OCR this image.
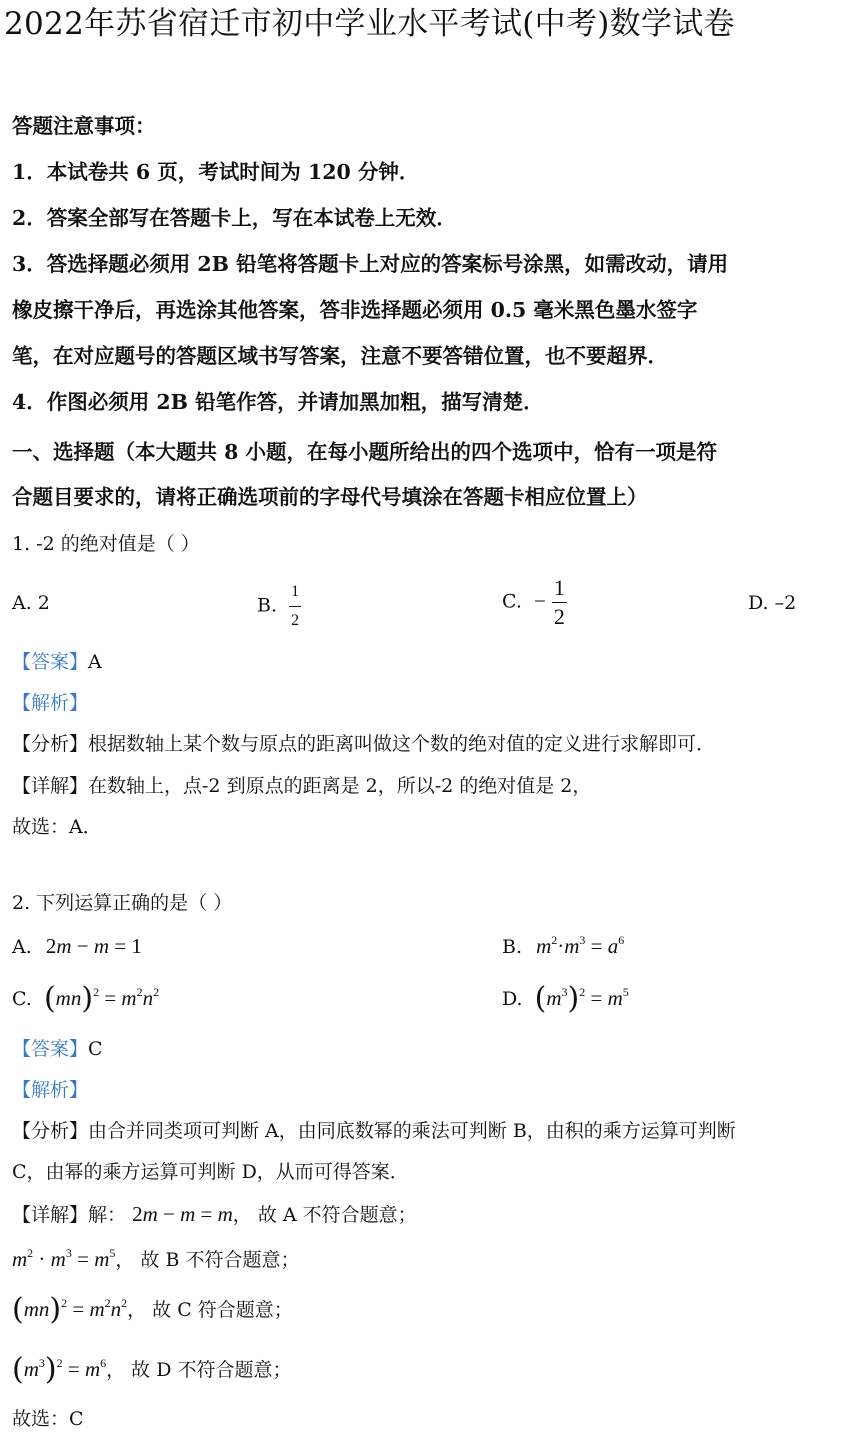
2022年苏省宿迁市初中学业水平考试(中考)数学试卷
答题注意事项：
1．本试卷共 6 页，考试时间为 120 分钟．
2．答案全部写在答题卡上，写在本试卷上无效．
3．答选择题必须用 2B 铅笔将答题卡上对应的答案标号涂黑，如需改动，请用
橡皮擦干净后，再选涂其他答案，答非选择题必须用 0.5 毫米黑色墨水签字
笔，在对应题号的答题区域书写答案，注意不要答错位置，也不要超界．
4．作图必须用 2B 铅笔作答，并请加黑加粗，描写清楚．
一、选择题（本大题共 8 小题，在每小题所给出的四个选项中，恰有一项是符
合题目要求的，请将正确选项前的字母代号填涂在答题卡相应位置上）
1. -2 的绝对值是（ ）
A. 2	B. $\frac{1}{2}$	C. − $\frac{1}{2}$	D. –2
【答案】A
【解析】
【分析】根据数轴上某个数与原点的距离叫做这个数的绝对值的定义进行求解即可．
【详解】在数轴上，点-2 到原点的距离是 2，所以-2 的绝对值是 2，
故选：A．
2. 下列运算正确的是（ ）
A. 2m − m = 1	B. $m^2\cdot m^3 = a^6$
C. $(mn)^2 = m^2n^2$	D. $(m^3)^2 = m^5$
【答案】C
【解析】
【分析】由合并同类项可判断 A，由同底数幂的乘法可判断 B，由积的乘方运算可判断
C，由幂的乘方运算可判断 D，从而可得答案．
【详解】解： 2m − m = m， 故 A 不符合题意；
$m^2 \cdot m^3 = m^5$， 故 B 不符合题意；
$(mn)^2 = m^2n^2$， 故 C 符合题意；
$(m^3)^2 = m^6$， 故 D 不符合题意；
故选：C
